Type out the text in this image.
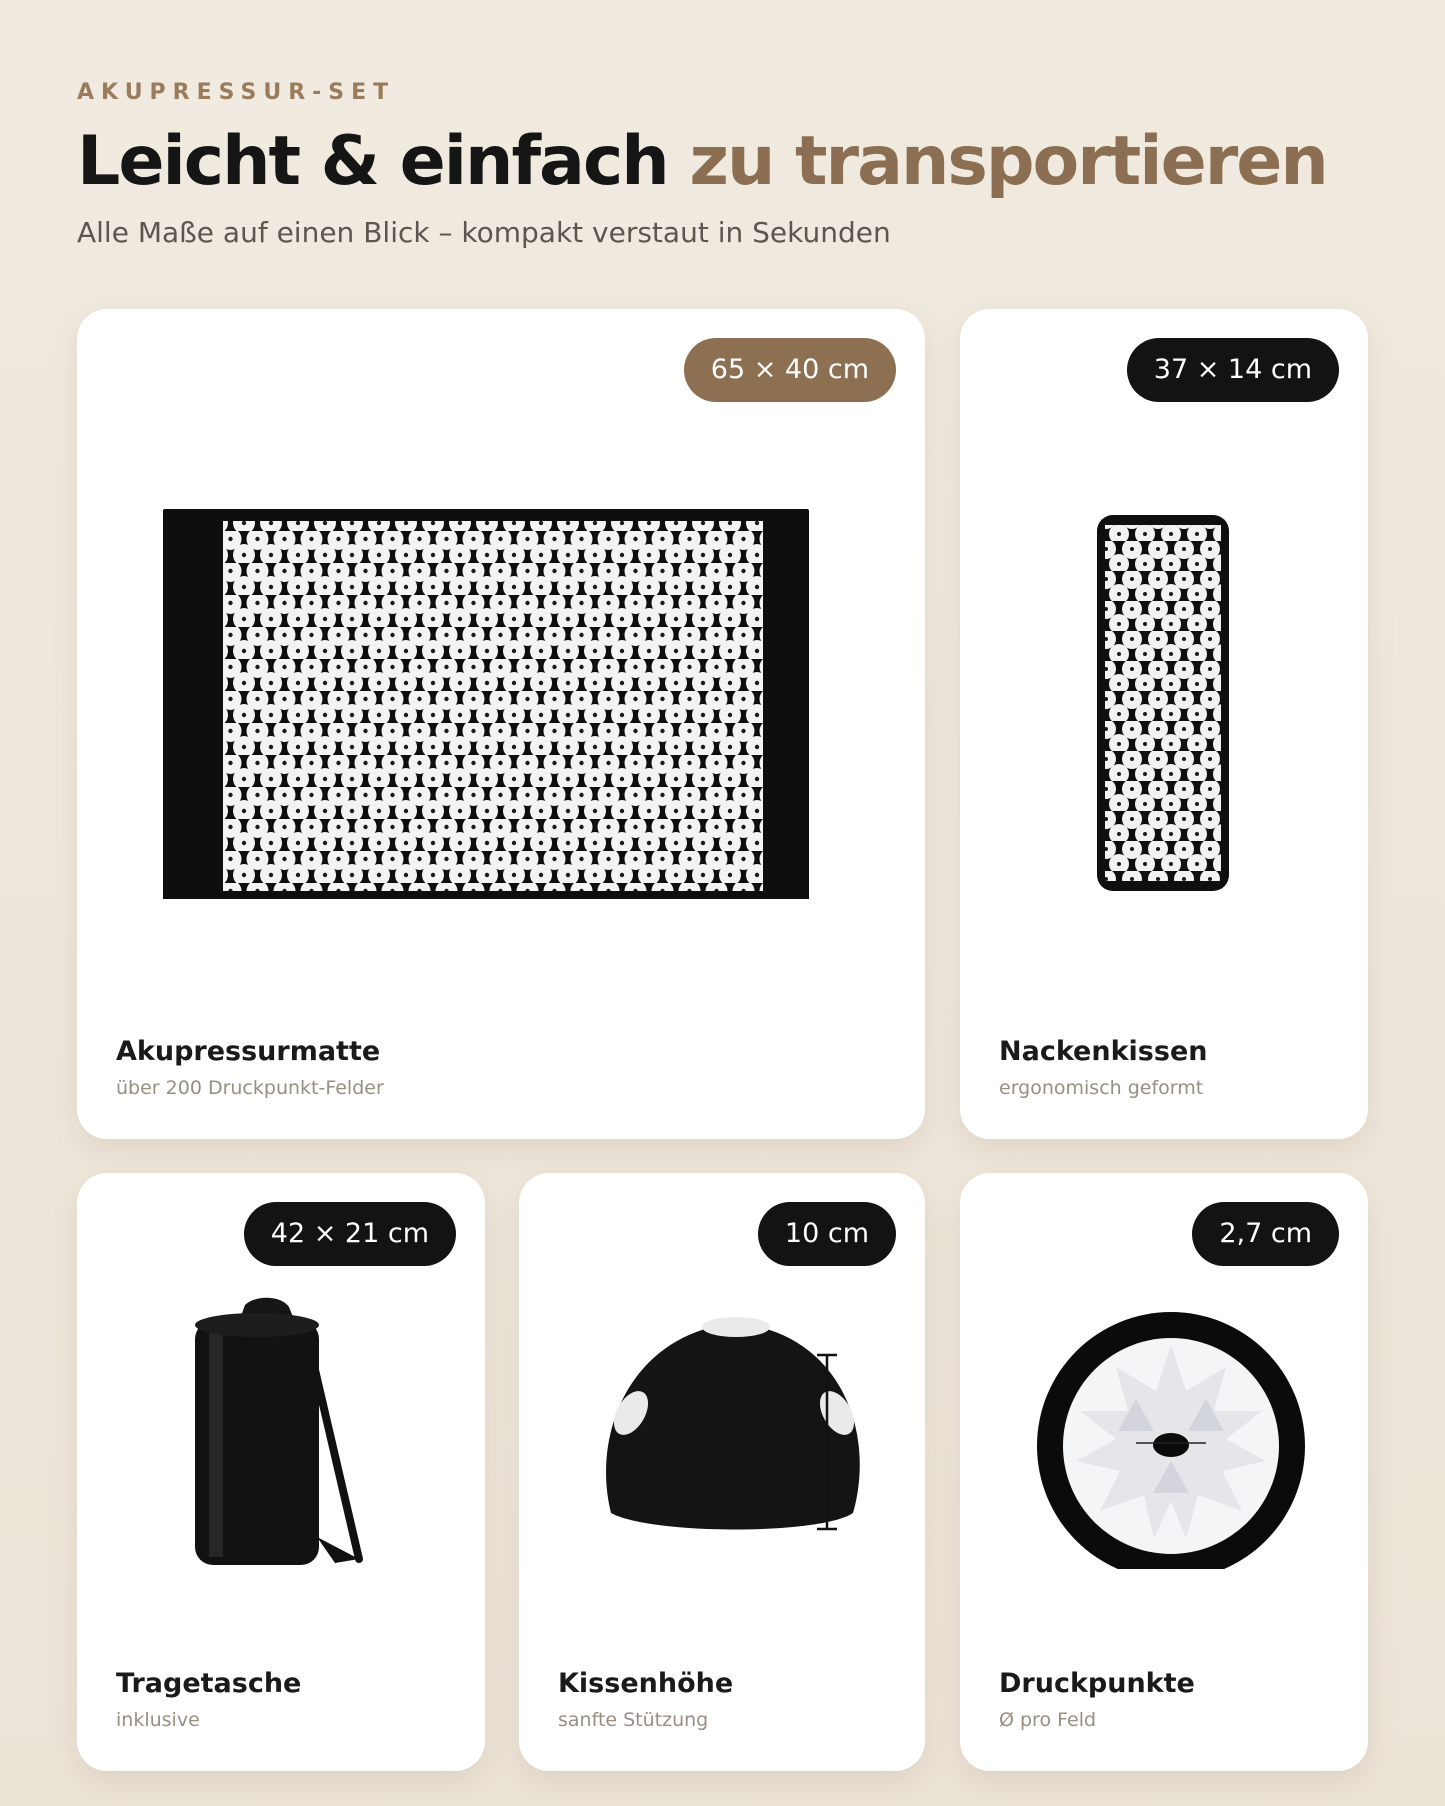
AKUPRESSUR-SET
Leicht & einfach zu transportieren
Alle Maße auf einen Blick – kompakt verstaut in Sekunden
65 × 40 cm
Akupressurmatte
über 200 Druckpunkt-Felder
37 × 14 cm
Nackenkissen
ergonomisch geformt
42 × 21 cm
Tragetasche
inklusive
10 cm
Kissenhöhe
sanfte Stützung
2,7 cm
Druckpunkte
Ø pro Feld
